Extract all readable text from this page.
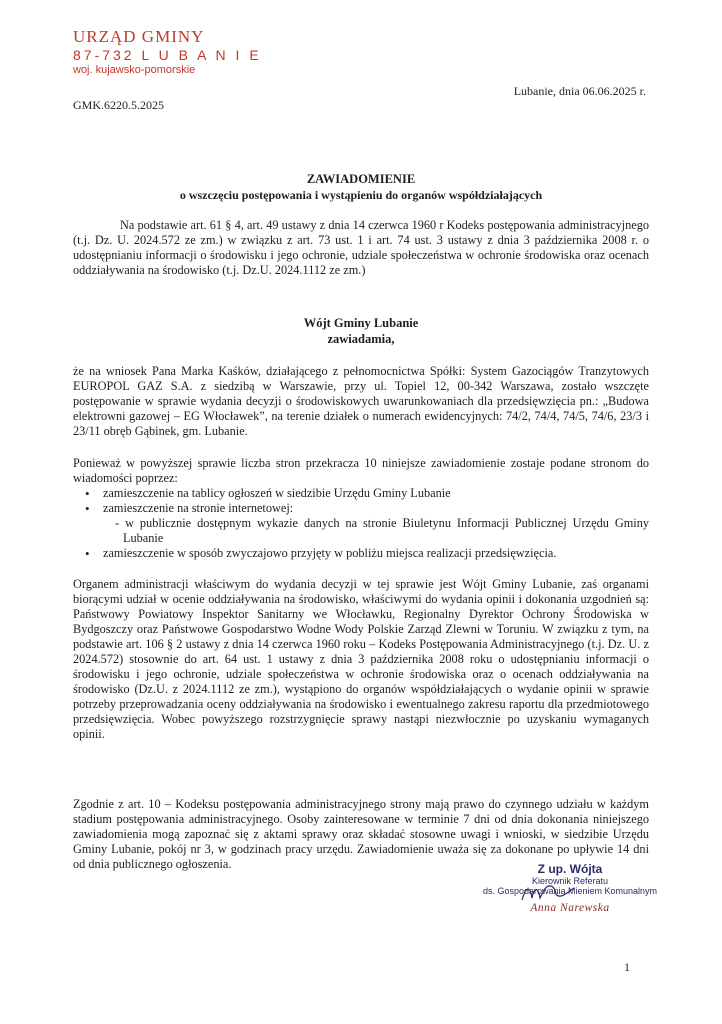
URZĄD GMINY
87-732 L U B A N I E
woj. kujawsko-pomorskie
Lubanie, dnia 06.06.2025 r.
GMK.6220.5.2025
ZAWIADOMIENIE
o wszczęciu postępowania i wystąpieniu do organów współdziałających
Na podstawie art. 61 § 4, art. 49 ustawy z dnia 14 czerwca 1960 r Kodeks postępowania administracyjnego (t.j. Dz. U. 2024.572 ze zm.) w związku z art. 73 ust. 1 i art. 74 ust. 3 ustawy z dnia 3 października 2008 r. o udostępnianiu informacji o środowisku i jego ochronie, udziale społeczeństwa w ochronie środowiska oraz ocenach oddziaływania na środowisko (t.j. Dz.U. 2024.1112 ze zm.)
Wójt Gminy Lubanie
zawiadamia,
że na wniosek Pana Marka Kaśków, działającego z pełnomocnictwa Spółki: System Gazociągów Tranzytowych EUROPOL GAZ S.A. z siedzibą w Warszawie, przy ul. Topiel 12, 00-342 Warszawa, zostało wszczęte postępowanie w sprawie wydania decyzji o środowiskowych uwarunkowaniach dla przedsięwzięcia pn.: „Budowa elektrowni gazowej – EG Włocławek”, na terenie działek o numerach ewidencyjnych: 74/2, 74/4, 74/5, 74/6, 23/3 i 23/11 obręb Gąbinek, gm. Lubanie.
Ponieważ w powyższej sprawie liczba stron przekracza 10 niniejsze zawiadomienie zostaje podane stronom do wiadomości poprzez:
• zamieszczenie na tablicy ogłoszeń w siedzibie Urzędu Gminy Lubanie
• zamieszczenie na stronie internetowej:
- w publicznie dostępnym wykazie danych na stronie Biuletynu Informacji Publicznej Urzędu Gminy Lubanie
• zamieszczenie w sposób zwyczajowo przyjęty w pobliżu miejsca realizacji przedsięwzięcia.
Organem administracji właściwym do wydania decyzji w tej sprawie jest Wójt Gminy Lubanie, zaś organami biorącymi udział w ocenie oddziaływania na środowisko, właściwymi do wydania opinii i dokonania uzgodnień są: Państwowy Powiatowy Inspektor Sanitarny we Włocławku, Regionalny Dyrektor Ochrony Środowiska w Bydgoszczy oraz Państwowe Gospodarstwo Wodne Wody Polskie Zarząd Zlewni w Toruniu. W związku z tym, na podstawie art. 106 § 2 ustawy z dnia 14 czerwca 1960 roku – Kodeks Postępowania Administracyjnego (t.j. Dz. U. z 2024.572) stosownie do art. 64 ust. 1 ustawy z dnia 3 października 2008 roku o udostępnianiu informacji o środowisku i jego ochronie, udziale społeczeństwa w ochronie środowiska oraz o ocenach oddziaływania na środowisko (Dz.U. z 2024.1112 ze zm.), wystąpiono do organów współdziałających o wydanie opinii w sprawie potrzeby przeprowadzania oceny oddziaływania na środowisko i ewentualnego zakresu raportu dla przedmiotowego przedsięwzięcia. Wobec powyższego rozstrzygnięcie sprawy nastąpi niezwłocznie po uzyskaniu wymaganych opinii.
Zgodnie z art. 10 – Kodeksu postępowania administracyjnego strony mają prawo do czynnego udziału w każdym stadium postępowania administracyjnego. Osoby zainteresowane w terminie 7 dni od dnia dokonania niniejszego zawiadomienia mogą zapoznać się z aktami sprawy oraz składać stosowne uwagi i wnioski, w siedzibie Urzędu Gminy Lubanie, pokój nr 3, w godzinach pracy urzędu. Zawiadomienie uważa się za dokonane po upływie 14 dni od dnia publicznego ogłoszenia.	Z up. Wójta
Kierownik Referatu
ds. Gospodarowania Mieniem Komunalnym
Anna Narewska
1
